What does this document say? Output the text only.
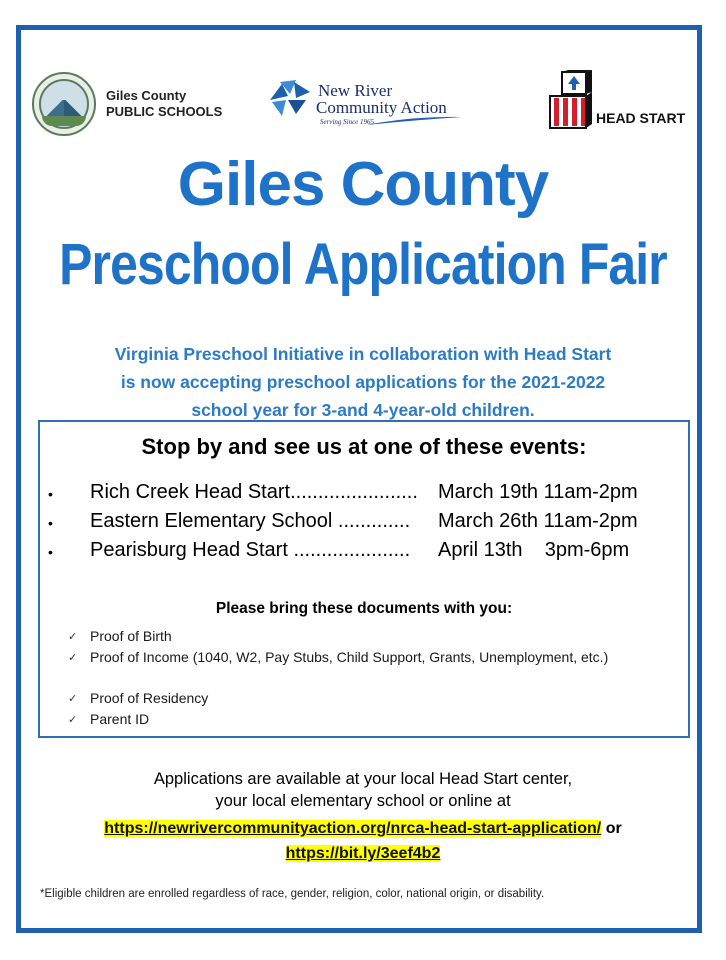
Giles County
PUBLIC SCHOOLS
New River
Community Action
Serving Since 1965	HEAD START
Giles County
Preschool Application Fair
Virginia Preschool Initiative in collaboration with Head Start
is now accepting preschool applications for the 2021-2022
school year for 3-and 4-year-old children.
Stop by and see us at one of these events:
• Rich Creek Head Start....................... March 19th 11am-2pm
• Eastern Elementary School ............. March 26th 11am-2pm
• Pearisburg Head Start ..................... April 13th    3pm-6pm
Please bring these documents with you:
✓ Proof of Birth
✓ Proof of Income (1040, W2, Pay Stubs, Child Support, Grants, Unemployment, etc.)
✓ Proof of Residency
✓ Parent ID
Applications are available at your local Head Start center,
your local elementary school or online at
https://newrivercommunityaction.org/nrca-head-start-application/ or
https://bit.ly/3eef4b2
*Eligible children are enrolled regardless of race, gender, religion, color, national origin, or disability.
